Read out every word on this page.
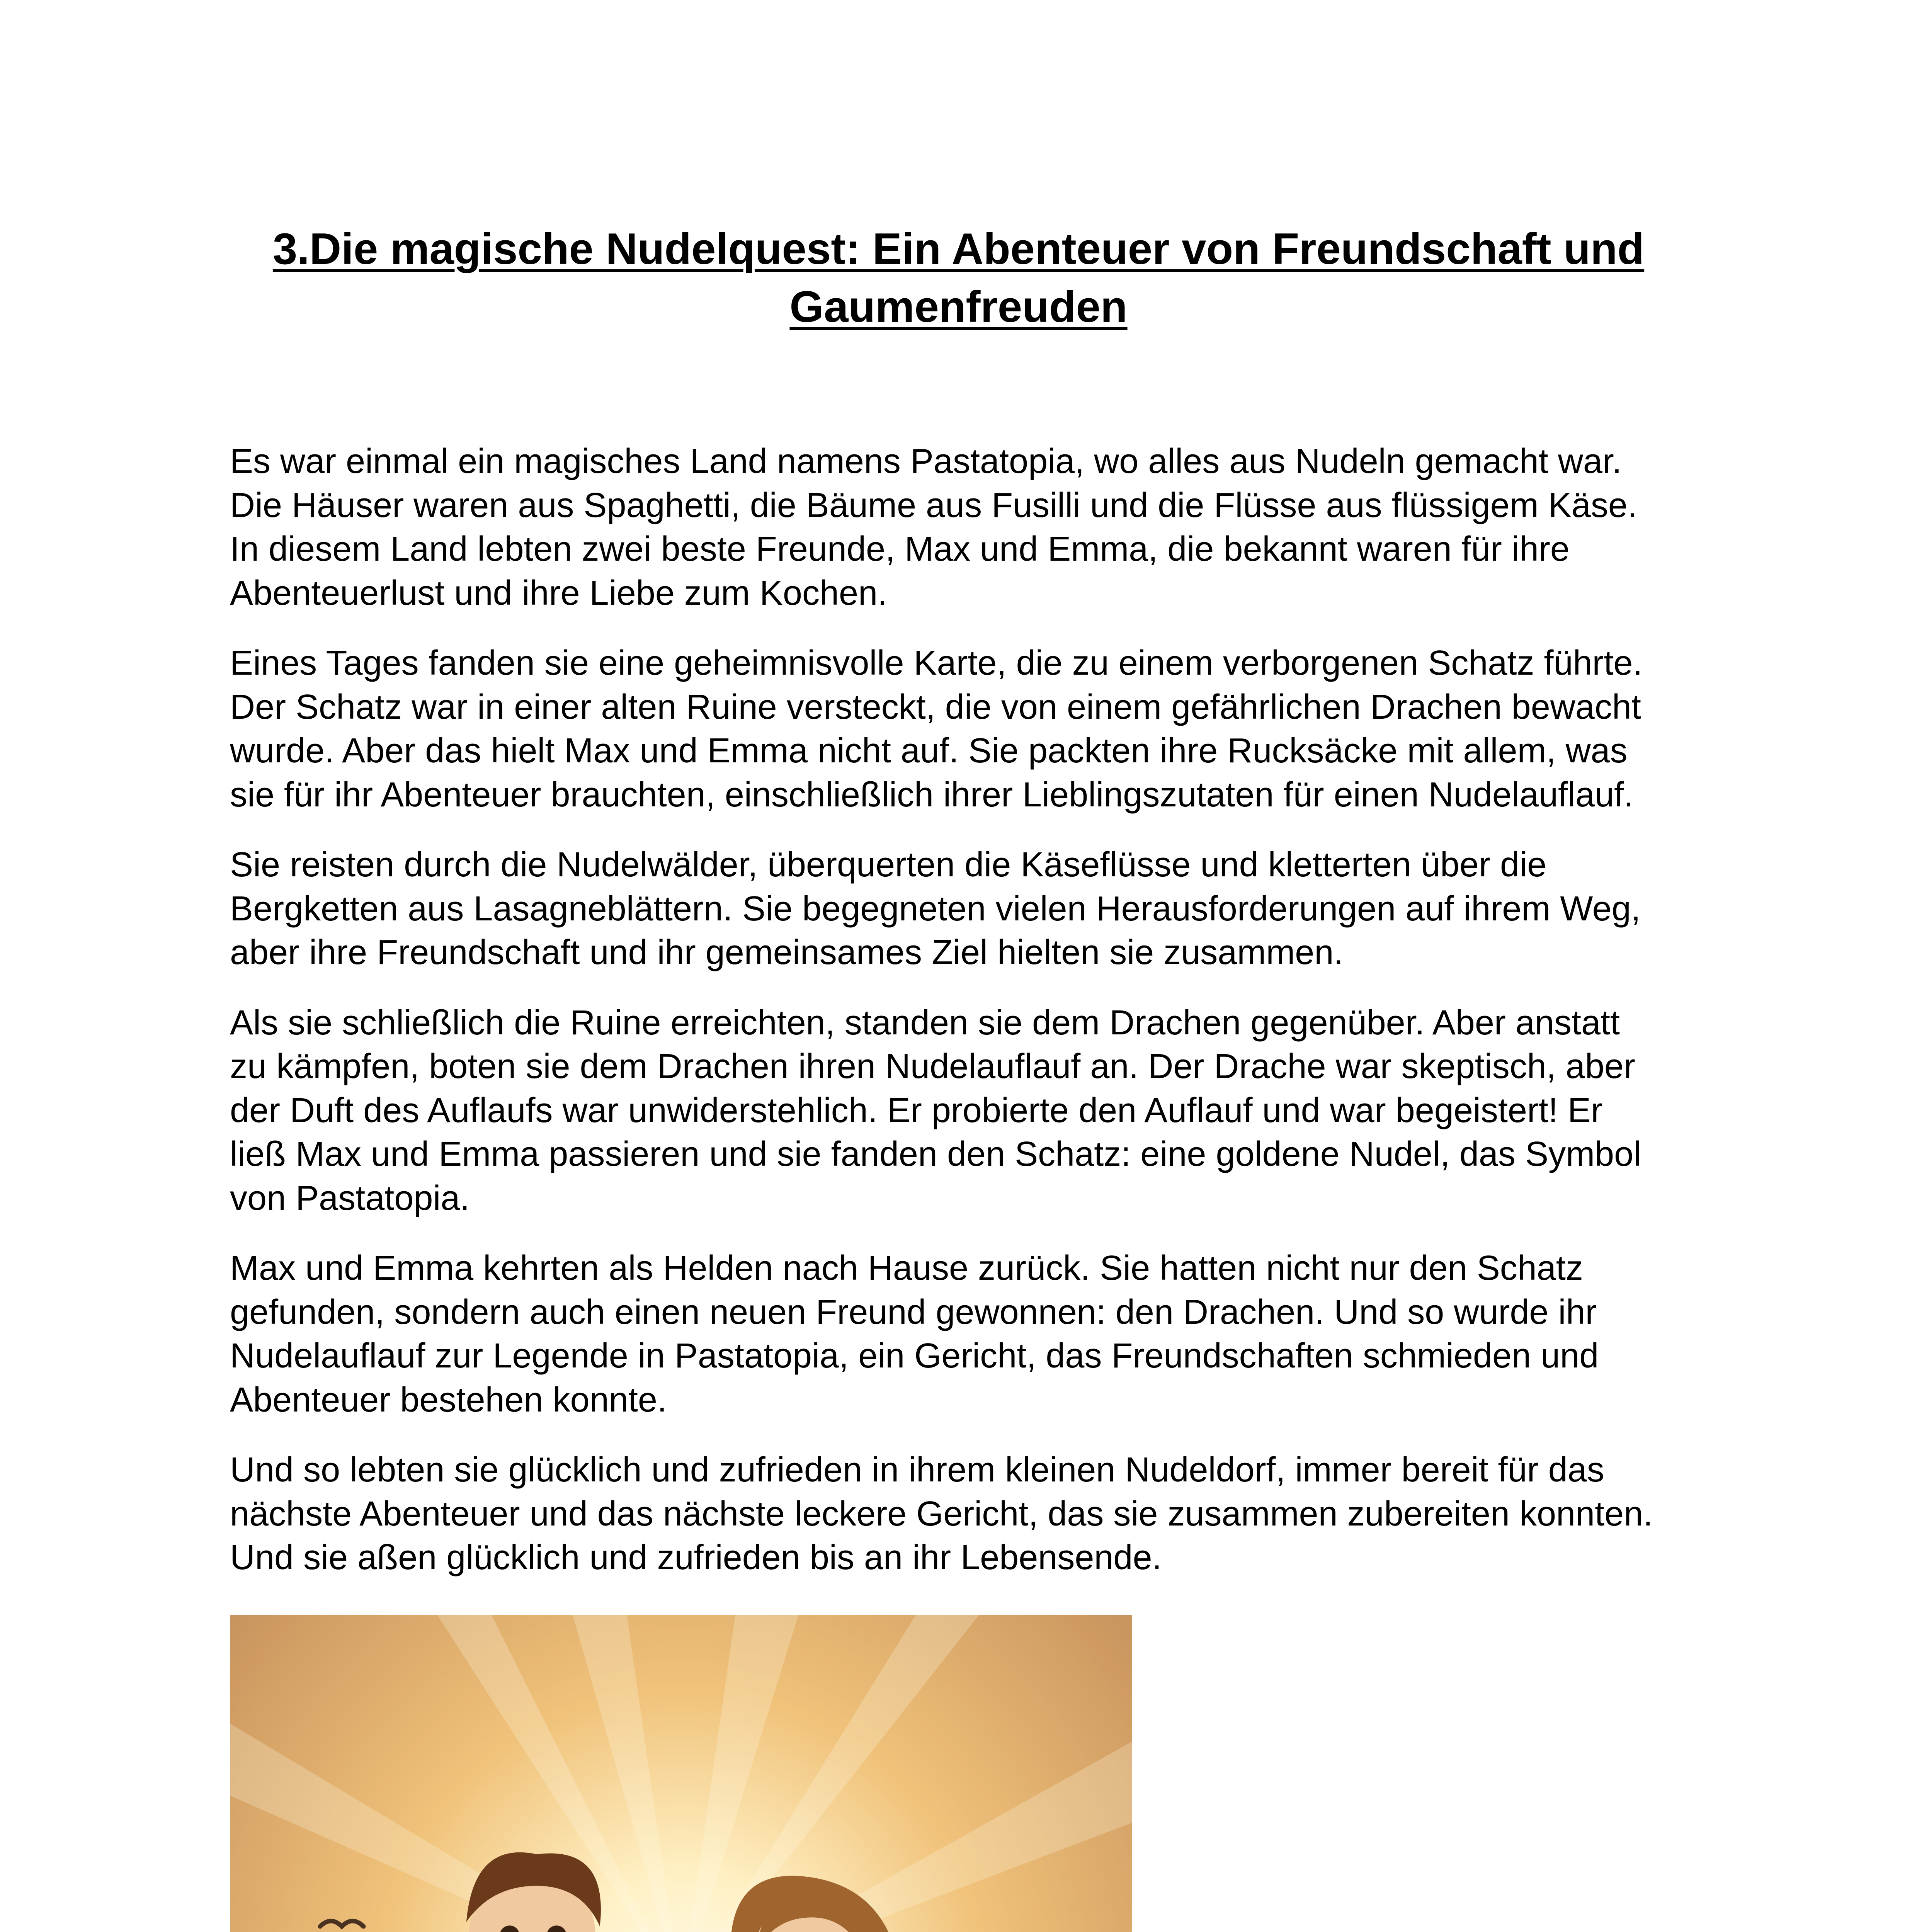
3.Die magische Nudelquest: Ein Abenteuer von Freundschaft und
Gaumenfreuden

Es war einmal ein magisches Land namens Pastatopia, wo alles aus Nudeln gemacht war.
Die Häuser waren aus Spaghetti, die Bäume aus Fusilli und die Flüsse aus flüssigem Käse.
In diesem Land lebten zwei beste Freunde, Max und Emma, die bekannt waren für ihre
Abenteuerlust und ihre Liebe zum Kochen.

Eines Tages fanden sie eine geheimnisvolle Karte, die zu einem verborgenen Schatz führte.
Der Schatz war in einer alten Ruine versteckt, die von einem gefährlichen Drachen bewacht
wurde. Aber das hielt Max und Emma nicht auf. Sie packten ihre Rucksäcke mit allem, was
sie für ihr Abenteuer brauchten, einschließlich ihrer Lieblingszutaten für einen Nudelauflauf.

Sie reisten durch die Nudelwälder, überquerten die Käseflüsse und kletterten über die
Bergketten aus Lasagneblättern. Sie begegneten vielen Herausforderungen auf ihrem Weg,
aber ihre Freundschaft und ihr gemeinsames Ziel hielten sie zusammen.

Als sie schließlich die Ruine erreichten, standen sie dem Drachen gegenüber. Aber anstatt
zu kämpfen, boten sie dem Drachen ihren Nudelauflauf an. Der Drache war skeptisch, aber
der Duft des Auflaufs war unwiderstehlich. Er probierte den Auflauf und war begeistert! Er
ließ Max und Emma passieren und sie fanden den Schatz: eine goldene Nudel, das Symbol
von Pastatopia.

Max und Emma kehrten als Helden nach Hause zurück. Sie hatten nicht nur den Schatz
gefunden, sondern auch einen neuen Freund gewonnen: den Drachen. Und so wurde ihr
Nudelauflauf zur Legende in Pastatopia, ein Gericht, das Freundschaften schmieden und
Abenteuer bestehen konnte.

Und so lebten sie glücklich und zufrieden in ihrem kleinen Nudeldorf, immer bereit für das
nächste Abenteuer und das nächste leckere Gericht, das sie zusammen zubereiten konnten.
Und sie aßen glücklich und zufrieden bis an ihr Lebensende.
